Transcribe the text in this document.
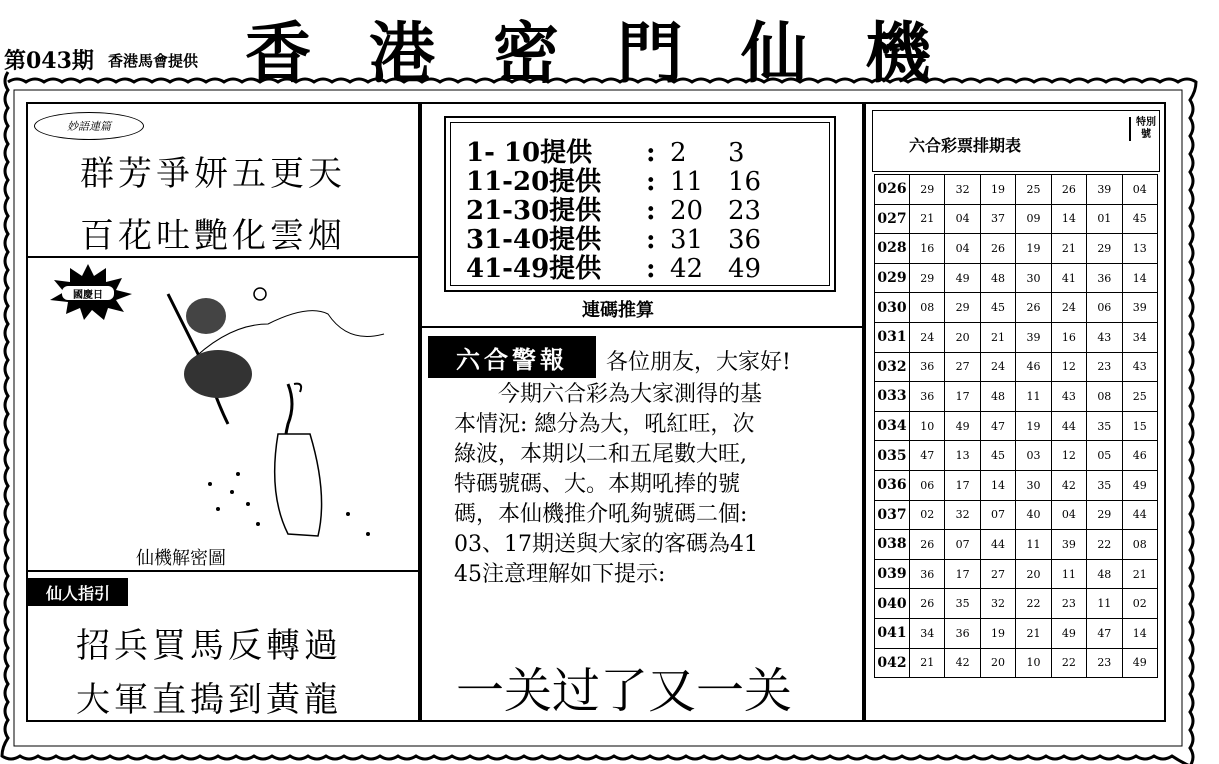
第043期 香港馬會提供 香港密門仙機
妙語連篇
群芳爭妍五更天
百花吐艷化雲烟
國慶日
仙機解密圖
仙人指引
招兵買馬反轉過
大軍直搗到黃龍
1- 10提供 : 2 3
11-20提供 : 11 16
21-30提供 : 20 23
31-40提供 : 31 36
41-49提供 : 42 49
連碼推算
六合警報	各位朋友，大家好!
今期六合彩為大家測得的基
本情況: 總分為大，吼紅旺，次
綠波，本期以二和五尾數大旺,
特碼號碼、大。本期吼捧的號
碼，本仙機推介吼夠號碼二個:
03、17期送與大家的客碼為41
45注意理解如下提示:
一关过了又一关
六合彩票排期表
特別號
026	29	32	19	25	26	39	04
027	21	04	37	09	14	01	45
028	16	04	26	19	21	29	13
029	29	49	48	30	41	36	14
030	08	29	45	26	24	06	39
031	24	20	21	39	16	43	34
032	36	27	24	46	12	23	43
033	36	17	48	11	43	08	25
034	10	49	47	19	44	35	15
035	47	13	45	03	12	05	46
036	06	17	14	30	42	35	49
037	02	32	07	40	04	29	44
038	26	07	44	11	39	22	08
039	36	17	27	20	11	48	21
040	26	35	32	22	23	11	02
041	34	36	19	21	49	47	14
042	21	42	20	10	22	23	49
